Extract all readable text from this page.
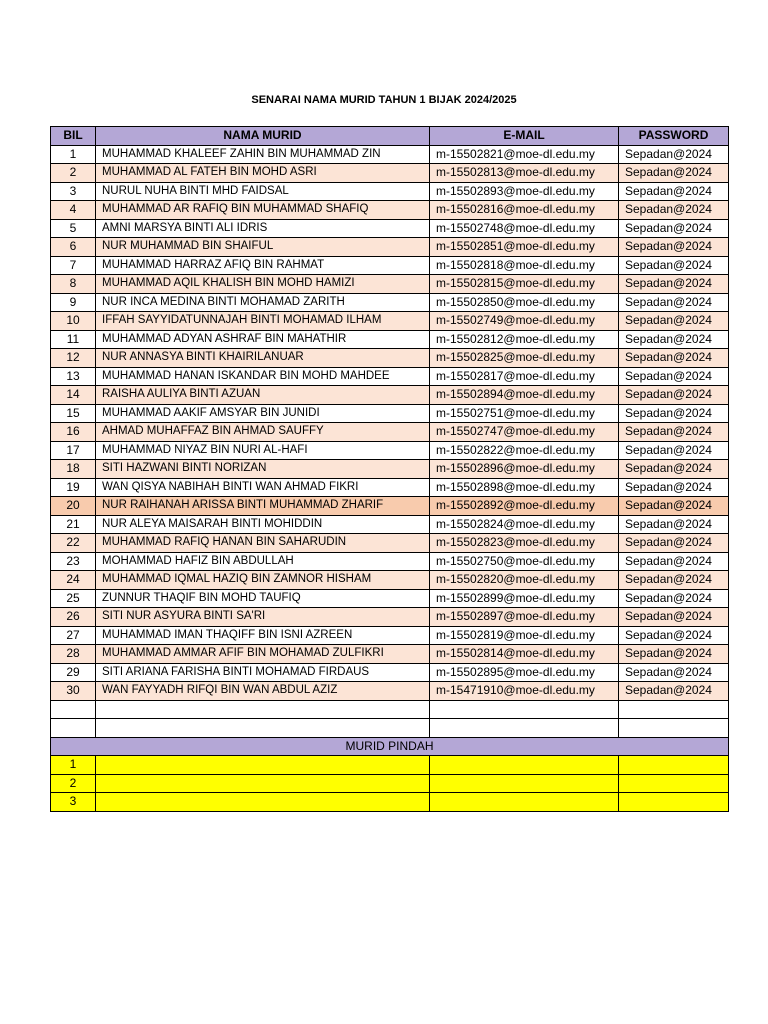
SENARAI NAMA MURID TAHUN 1 BIJAK 2024/2025
BIL	NAMA MURID	E-MAIL	PASSWORD
1	MUHAMMAD KHALEEF ZAHIN BIN MUHAMMAD ZIN	m-15502821@moe-dl.edu.my	Sepadan@2024
2	MUHAMMAD AL FATEH BIN MOHD ASRI	m-15502813@moe-dl.edu.my	Sepadan@2024
3	NURUL NUHA BINTI MHD FAIDSAL	m-15502893@moe-dl.edu.my	Sepadan@2024
4	MUHAMMAD AR RAFIQ BIN MUHAMMAD SHAFIQ	m-15502816@moe-dl.edu.my	Sepadan@2024
5	AMNI MARSYA BINTI ALI IDRIS	m-15502748@moe-dl.edu.my	Sepadan@2024
6	NUR MUHAMMAD BIN SHAIFUL	m-15502851@moe-dl.edu.my	Sepadan@2024
7	MUHAMMAD HARRAZ AFIQ BIN RAHMAT	m-15502818@moe-dl.edu.my	Sepadan@2024
8	MUHAMMAD AQIL KHALISH BIN MOHD HAMIZI	m-15502815@moe-dl.edu.my	Sepadan@2024
9	NUR INCA MEDINA BINTI MOHAMAD ZARITH	m-15502850@moe-dl.edu.my	Sepadan@2024
10	IFFAH SAYYIDATUNNAJAH BINTI MOHAMAD ILHAM	m-15502749@moe-dl.edu.my	Sepadan@2024
11	MUHAMMAD ADYAN ASHRAF BIN MAHATHIR	m-15502812@moe-dl.edu.my	Sepadan@2024
12	NUR ANNASYA BINTI KHAIRILANUAR	m-15502825@moe-dl.edu.my	Sepadan@2024
13	MUHAMMAD HANAN ISKANDAR BIN MOHD MAHDEE	m-15502817@moe-dl.edu.my	Sepadan@2024
14	RAISHA AULIYA BINTI AZUAN	m-15502894@moe-dl.edu.my	Sepadan@2024
15	MUHAMMAD AAKIF AMSYAR BIN JUNIDI	m-15502751@moe-dl.edu.my	Sepadan@2024
16	AHMAD MUHAFFAZ BIN AHMAD SAUFFY	m-15502747@moe-dl.edu.my	Sepadan@2024
17	MUHAMMAD NIYAZ BIN NURI AL-HAFI	m-15502822@moe-dl.edu.my	Sepadan@2024
18	SITI HAZWANI BINTI NORIZAN	m-15502896@moe-dl.edu.my	Sepadan@2024
19	WAN QISYA NABIHAH BINTI WAN AHMAD FIKRI	m-15502898@moe-dl.edu.my	Sepadan@2024
20	NUR RAIHANAH ARISSA BINTI MUHAMMAD ZHARIF	m-15502892@moe-dl.edu.my	Sepadan@2024
21	NUR ALEYA MAISARAH BINTI MOHIDDIN	m-15502824@moe-dl.edu.my	Sepadan@2024
22	MUHAMMAD RAFIQ HANAN BIN SAHARUDIN	m-15502823@moe-dl.edu.my	Sepadan@2024
23	MOHAMMAD HAFIZ BIN ABDULLAH	m-15502750@moe-dl.edu.my	Sepadan@2024
24	MUHAMMAD IQMAL HAZIQ BIN ZAMNOR HISHAM	m-15502820@moe-dl.edu.my	Sepadan@2024
25	ZUNNUR THAQIF BIN MOHD TAUFIQ	m-15502899@moe-dl.edu.my	Sepadan@2024
26	SITI NUR ASYURA BINTI SA'RI	m-15502897@moe-dl.edu.my	Sepadan@2024
27	MUHAMMAD IMAN THAQIFF BIN ISNI AZREEN	m-15502819@moe-dl.edu.my	Sepadan@2024
28	MUHAMMAD AMMAR AFIF BIN MOHAMAD ZULFIKRI	m-15502814@moe-dl.edu.my	Sepadan@2024
29	SITI ARIANA FARISHA BINTI MOHAMAD FIRDAUS	m-15502895@moe-dl.edu.my	Sepadan@2024
30	WAN FAYYADH RIFQI BIN WAN ABDUL AZIZ	m-15471910@moe-dl.edu.my	Sepadan@2024

MURID PINDAH			
1			
2			
3			
